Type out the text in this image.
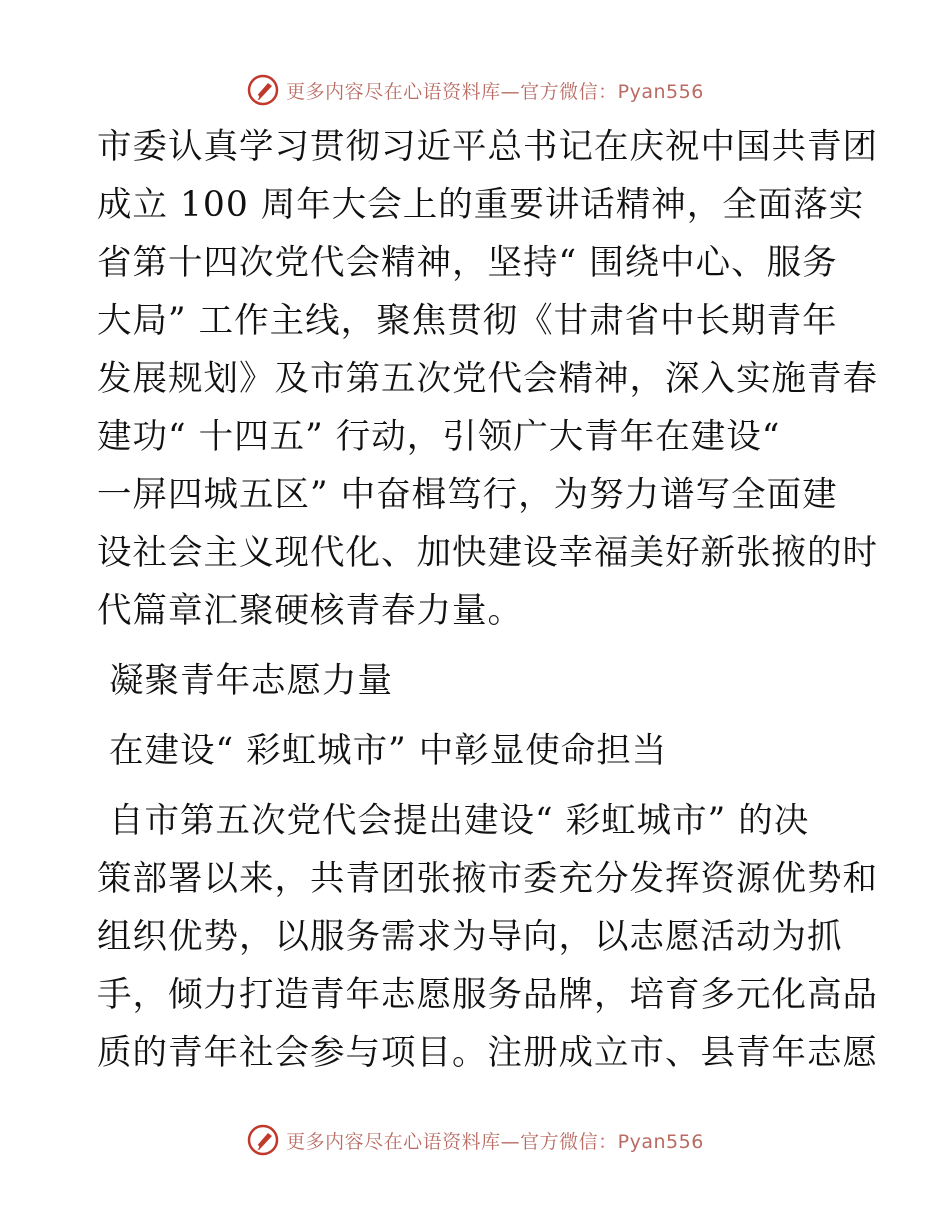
更多内容尽在心语资料库—官方微信：Pyan556
市委认真学习贯彻习近平总书记在庆祝中国共青团
成立 100 周年大会上的重要讲话精神，全面落实
省第十四次党代会精神，坚持“ 围绕中心、服务
大局” 工作主线，聚焦贯彻《甘肃省中长期青年
发展规划》及市第五次党代会精神，深入实施青春
建功“ 十四五” 行动，引领广大青年在建设“
一屏四城五区” 中奋楫笃行，为努力谱写全面建
设社会主义现代化、加快建设幸福美好新张掖的时
代篇章汇聚硬核青春力量。
凝聚青年志愿力量
在建设“ 彩虹城市” 中彰显使命担当
自市第五次党代会提出建设“ 彩虹城市” 的决
策部署以来，共青团张掖市委充分发挥资源优势和
组织优势，以服务需求为导向，以志愿活动为抓
手，倾力打造青年志愿服务品牌，培育多元化高品
质的青年社会参与项目。注册成立市、县青年志愿
更多内容尽在心语资料库—官方微信：Pyan556
